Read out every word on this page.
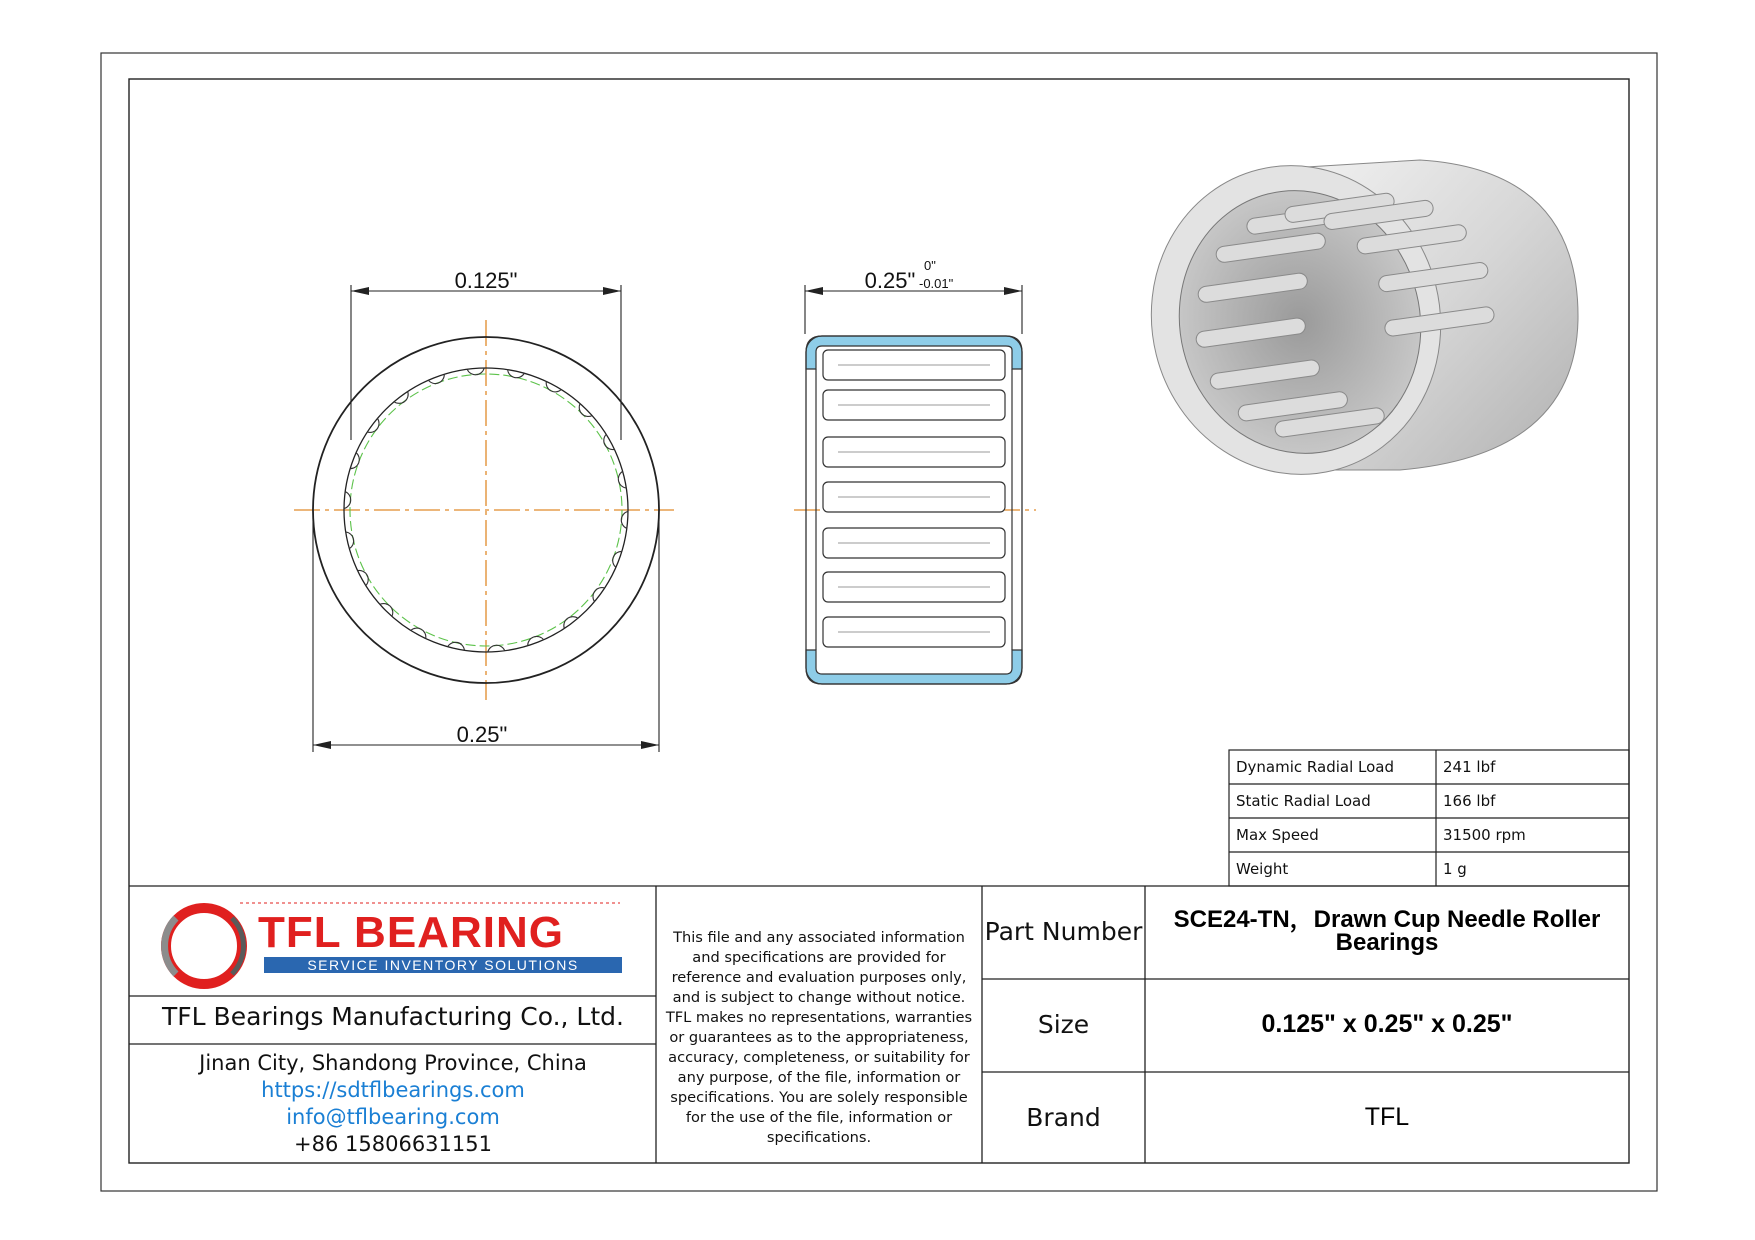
0.125"
0.25"
0.25"
0"
-0.01"
TFL BEARING
SERVICE INVENTORY SOLUTIONS
TFL Bearings Manufacturing Co., Ltd.
Jinan City, Shandong Province, China
https://sdtflbearings.com
info@tflbearing.com
+86 15806631151
This file and any associated information and specifications are provided for reference and evaluation purposes only, and is subject to change without notice. TFL makes no representations, warranties or guarantees as to the appropriateness, accuracy, completeness, or suitability for any purpose, of the file, information or specifications. You are solely responsible for the use of the file, information or specifications.
Part Number	SCE24-TN，Drawn Cup Needle Roller
Bearings
Size	0.125" x 0.25" x 0.25"
Brand	TFL
Dynamic Radial Load	241 lbf
Static Radial Load	166 lbf
Max Speed	31500 rpm
Weight	1 g
